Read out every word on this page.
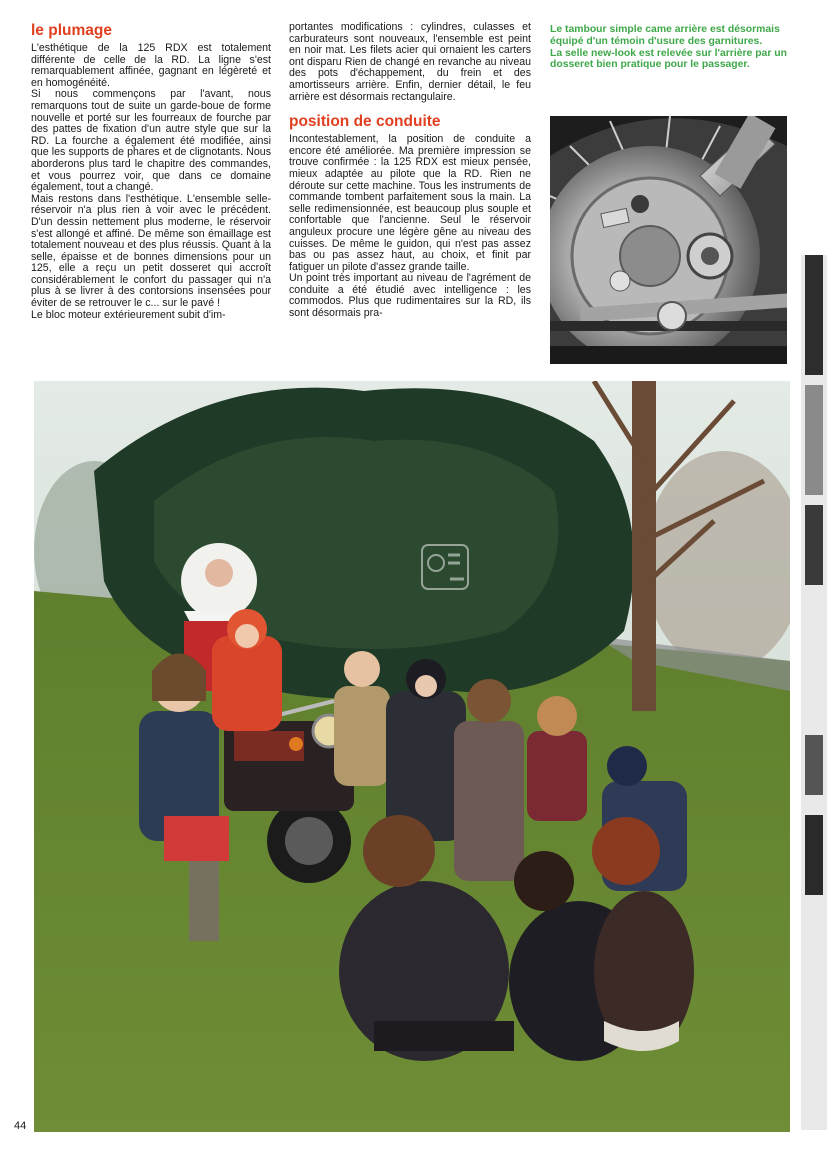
le plumage

L'esthétique de la 125 RDX est totalement différente de celle de la RD. La ligne s'est remarquablement affinée, gagnant en légèreté et en homogénéité.

Si nous commençons par l'avant, nous remarquons tout de suite un garde-boue de forme nouvelle et porté sur les fourreaux de fourche par des pattes de fixation d'un autre style que sur la RD. La fourche a également été modifiée, ainsi que les supports de phares et de clignotants. Nous aborderons plus tard le chapitre des commandes, et vous pourrez voir, que dans ce domaine également, tout a changé.

Mais restons dans l'esthétique. L'ensemble selle-réservoir n'a plus rien à voir avec le précédent. D'un dessin nettement plus moderne, le réservoir s'est allongé et affiné. De même son émaillage est totalement nouveau et des plus réussis. Quant à la selle, épaisse et de bonnes dimensions pour un 125, elle a reçu un petit dosseret qui accroît considérablement le confort du passager qui n'a plus à se livrer à des contorsions insensées pour éviter de se retrouver le c... sur le pavé !

Le bloc moteur extérieurement subit d'im-

portantes modifications : cylindres, culasses et carburateurs sont nouveaux, l'ensemble est peint en noir mat. Les filets acier qui ornaient les carters ont disparu Rien de changé en revanche au niveau des pots d'échappement, du frein et des amortisseurs arrière. Enfin, dernier détail, le feu arrière est désormais rectangulaire.

position de conduite

Incontestablement, la position de conduite a encore été améliorée. Ma première impression se trouve confirmée : la 125 RDX est mieux pensée, mieux adaptée au pilote que la RD. Rien ne déroute sur cette machine. Tous les instruments de commande tombent parfaitement sous la main. La selle redimensionnée, est beaucoup plus souple et confortable que l'ancienne. Seul le réservoir anguleux procure une légère gêne au niveau des cuisses. De même le guidon, qui n'est pas assez bas ou pas assez haut, au choix, et finit par fatiguer un pilote d'assez grande taille.

Un point très important au niveau de l'agrément de conduite a été étudié avec intelligence : les commodos. Plus que rudimentaires sur la RD, ils sont désormais pra-

Le tambour simple came arrière est désormais équipé d'un témoin d'usure des garnitures.

La selle new-look est relevée sur l'arrière par un dosseret bien pratique pour le passager.

44
